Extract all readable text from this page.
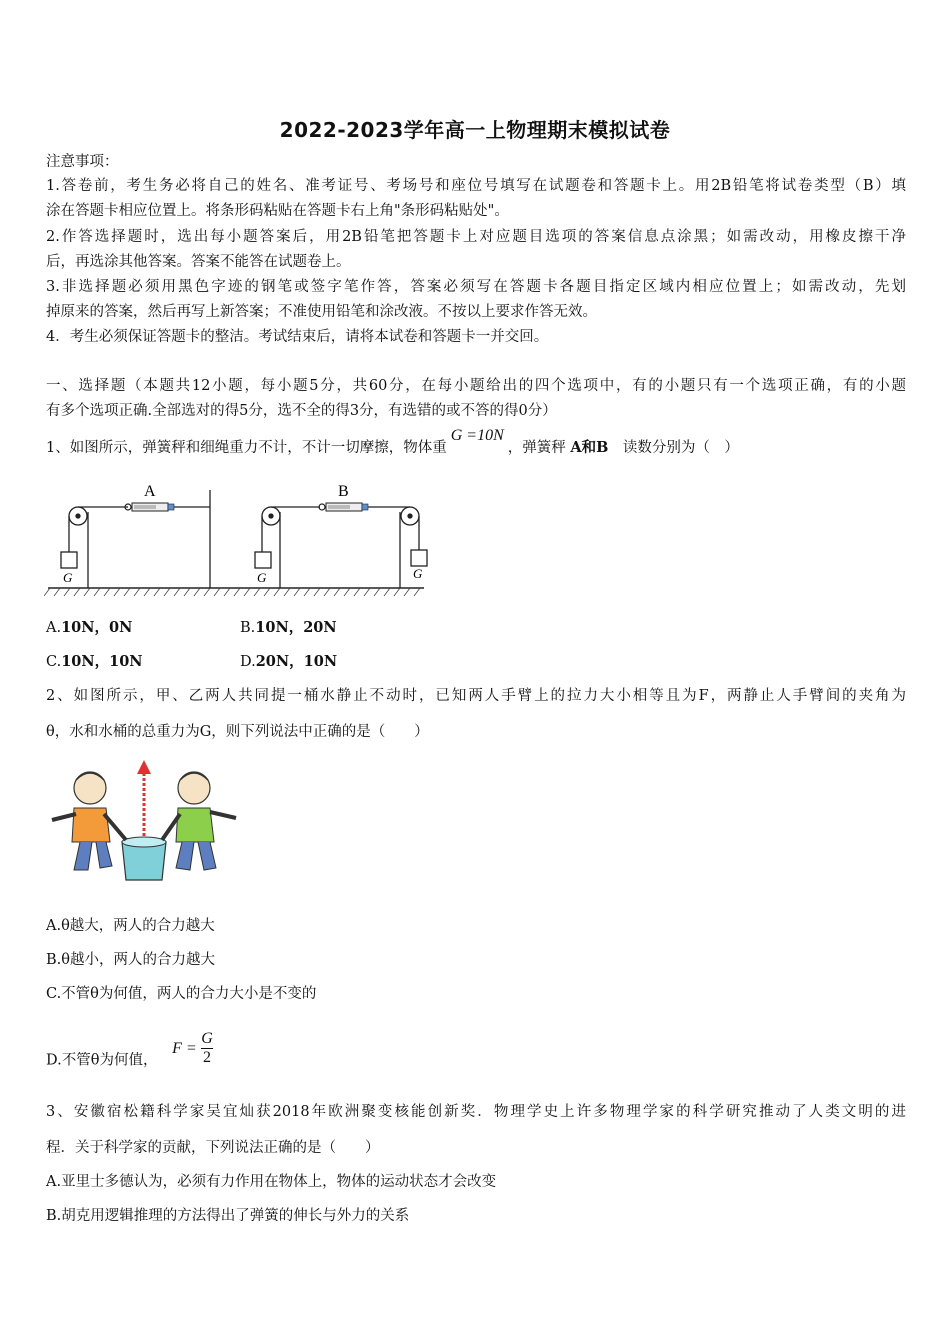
2022-2023学年高一上物理期末模拟试卷
注意事项：
1.答卷前，考生务必将自己的姓名、准考证号、考场号和座位号填写在试题卷和答题卡上。用2B铅笔将试卷类型（B）填
涂在答题卡相应位置上。将条形码粘贴在答题卡右上角"条形码粘贴处"。
2.作答选择题时，选出每小题答案后，用2B铅笔把答题卡上对应题目选项的答案信息点涂黑；如需改动，用橡皮擦干净
后，再选涂其他答案。答案不能答在试题卷上。
3.非选择题必须用黑色字迹的钢笔或签字笔作答，答案必须写在答题卡各题目指定区域内相应位置上；如需改动，先划
掉原来的答案，然后再写上新答案；不准使用铅笔和涂改液。不按以上要求作答无效。
4．考生必须保证答题卡的整洁。考试结束后，请将本试卷和答题卡一并交回。
一、选择题（本题共12小题，每小题5分，共60分，在每小题给出的四个选项中，有的小题只有一个选项正确，有的小题
有多个选项正确.全部选对的得5分，选不全的得3分，有选错的或不答的得0分）
1、如图所示，弹簧秤和细绳重力不计，不计一切摩擦，物体重G =10N，弹簧秤 A和B　 读数分别为（　）
A
G
B
G	G
A.10N，0N	B.10N，20N
C.10N，10N	D.20N，10N
2、如图所示，甲、乙两人共同提一桶水静止不动时，已知两人手臂上的拉力大小相等且为F，两静止人手臂间的夹角为
θ，水和水桶的总重力为G，则下列说法中正确的是（　　）
A.θ越大，两人的合力越大
B.θ越小，两人的合力越大
C.不管θ为何值，两人的合力大小是不变的
D.不管θ为何值， $F = \frac{G}{2}$
3、安徽宿松籍科学家吴宜灿获2018年欧洲聚变核能创新奖．物理学史上许多物理学家的科学研究推动了人类文明的进
程．关于科学家的贡献，下列说法正确的是（　　）
A.亚里士多德认为，必须有力作用在物体上，物体的运动状态才会改变
B.胡克用逻辑推理的方法得出了弹簧的伸长与外力的关系
